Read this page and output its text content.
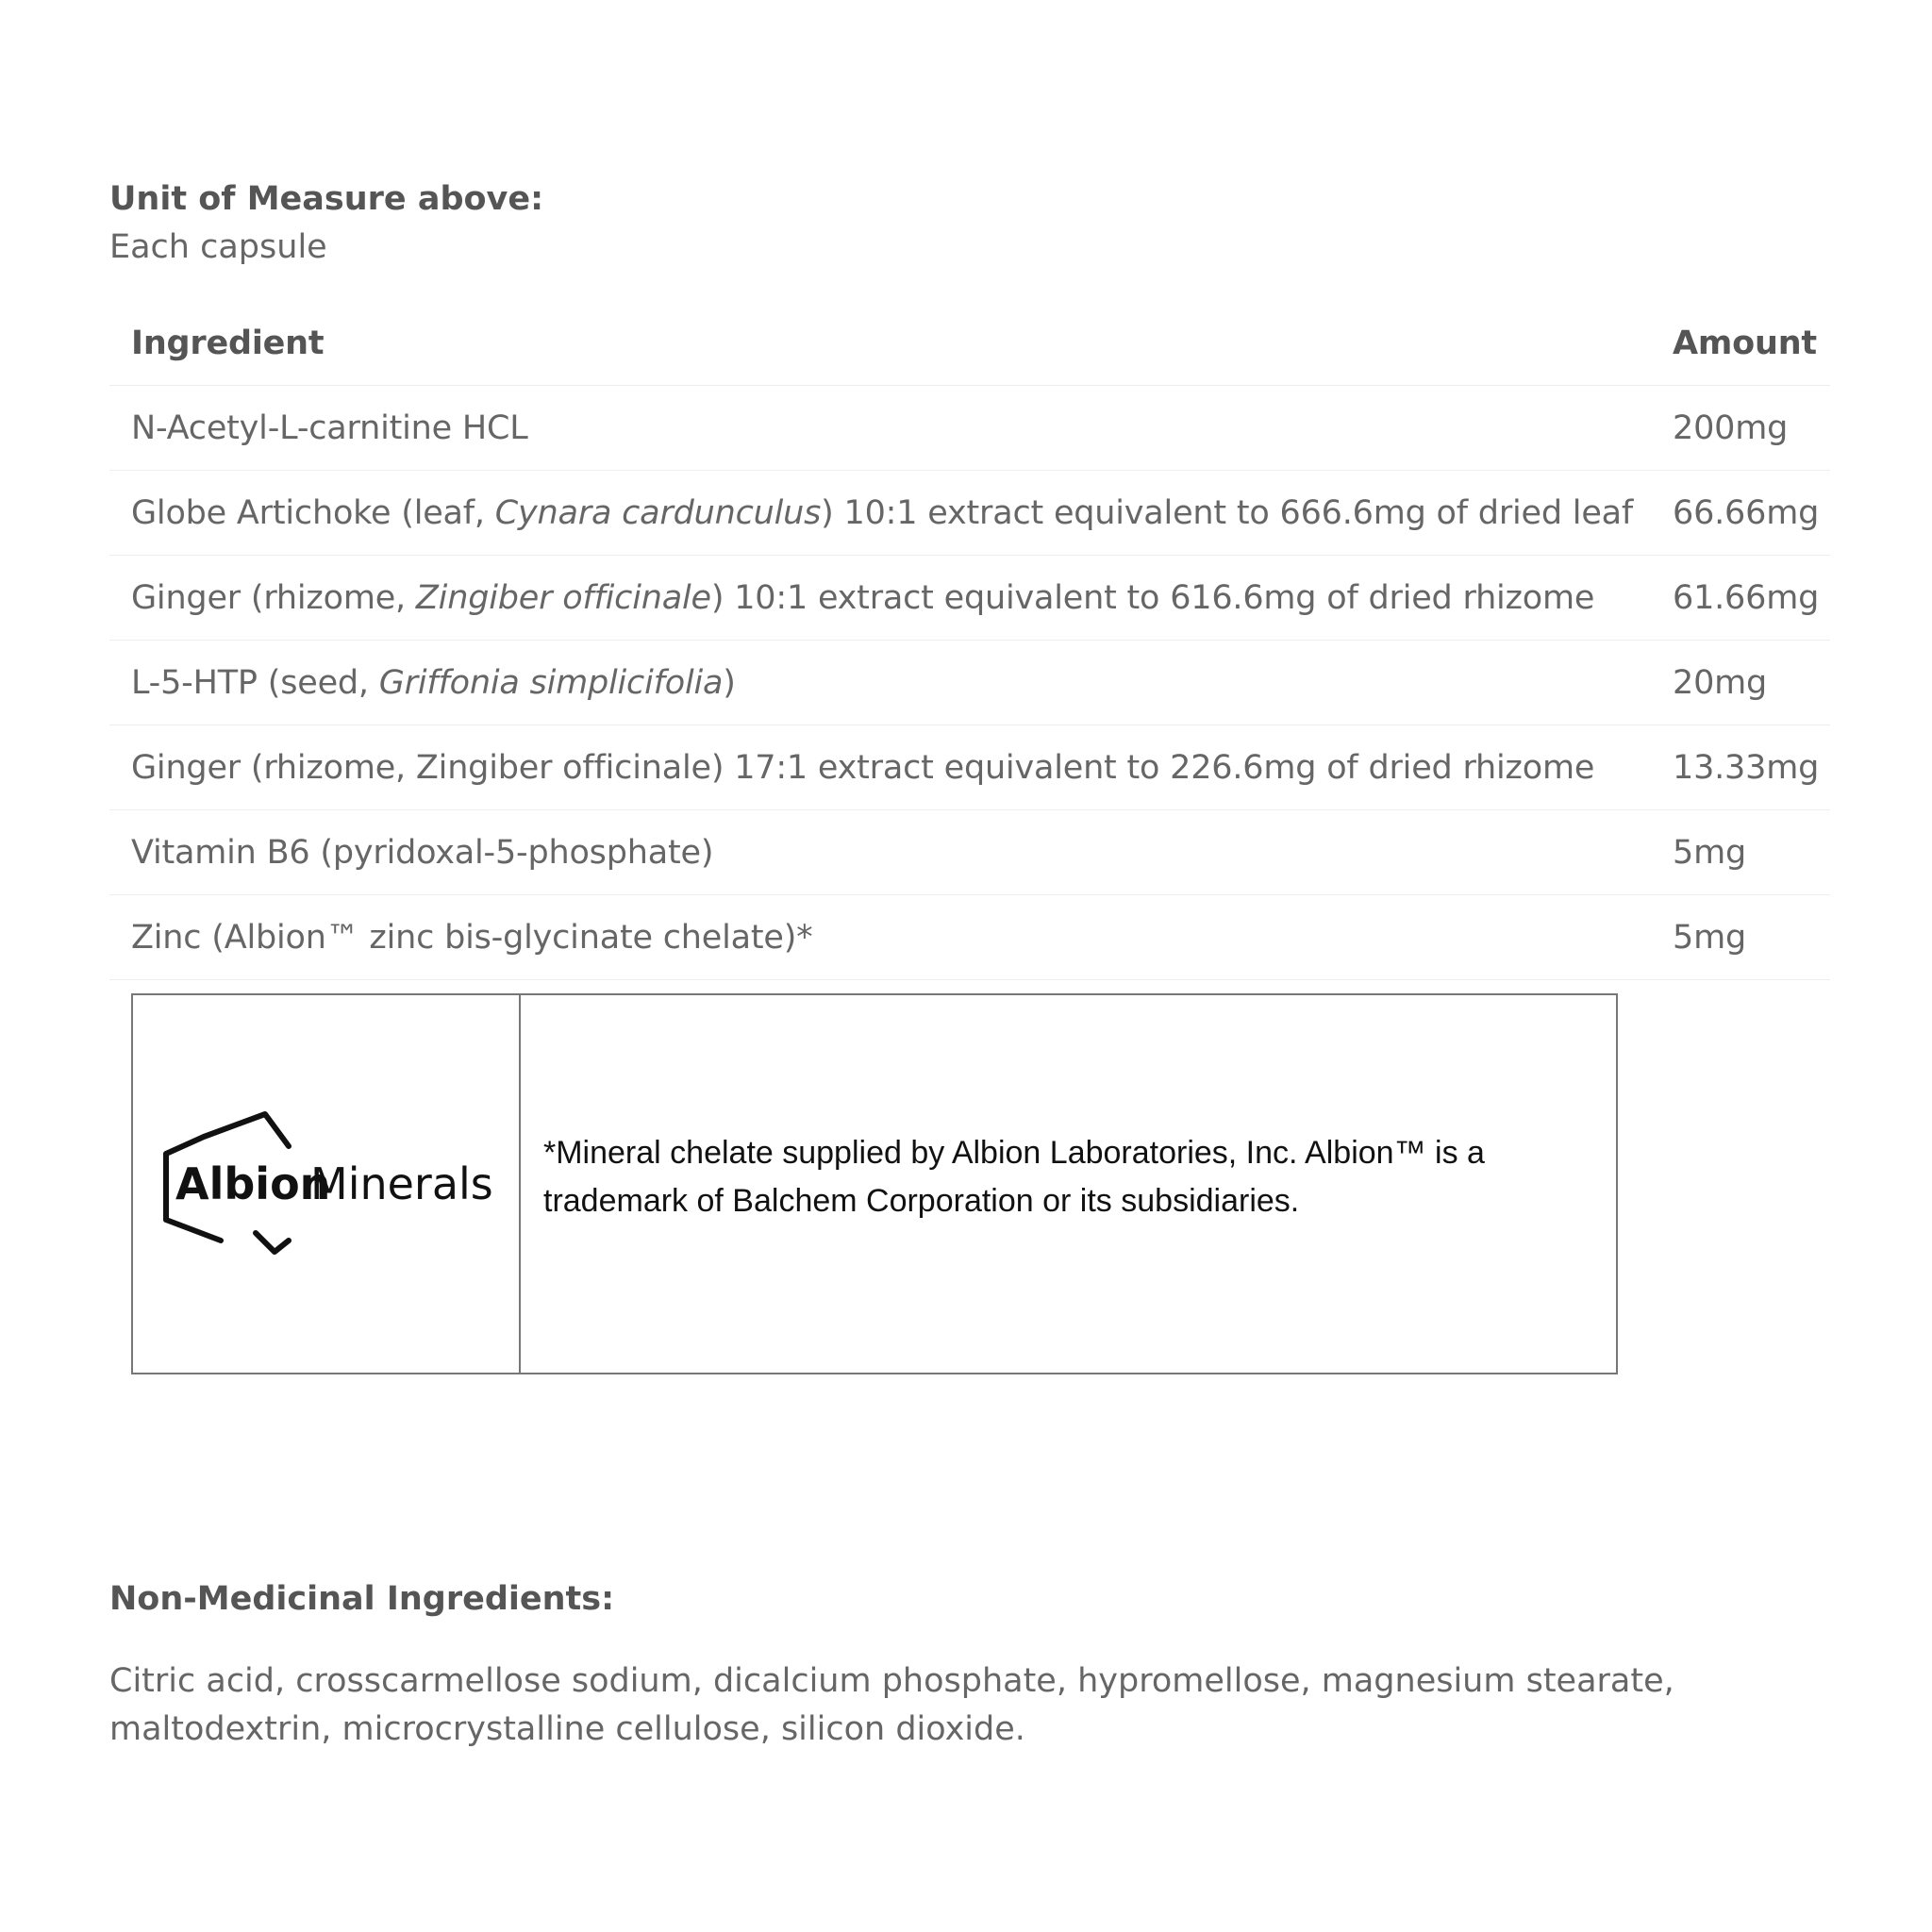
Unit of Measure above:
Each capsule
Ingredient	Amount
N-Acetyl-L-carnitine HCL	200mg
Globe Artichoke (leaf, Cynara cardunculus) 10:1 extract equivalent to 666.6mg of dried leaf	66.66mg
Ginger (rhizome, Zingiber officinale) 10:1 extract equivalent to 616.6mg of dried rhizome	61.66mg
L-5-HTP (seed, Griffonia simplicifolia)	20mg
Ginger (rhizome, Zingiber officinale) 17:1 extract equivalent to 226.6mg of dried rhizome	13.33mg
Vitamin B6 (pyridoxal-5-phosphate)	5mg
Zinc (Albion™ zinc bis-glycinate chelate)*	5mg
Albion
Minerals
*Mineral chelate supplied by Albion Laboratories, Inc. Albion™ is a trademark of Balchem Corporation or its subsidiaries.
Non-Medicinal Ingredients:
Citric acid, crosscarmellose sodium, dicalcium phosphate, hypromellose, magnesium stearate, maltodextrin, microcrystalline cellulose, silicon dioxide.
